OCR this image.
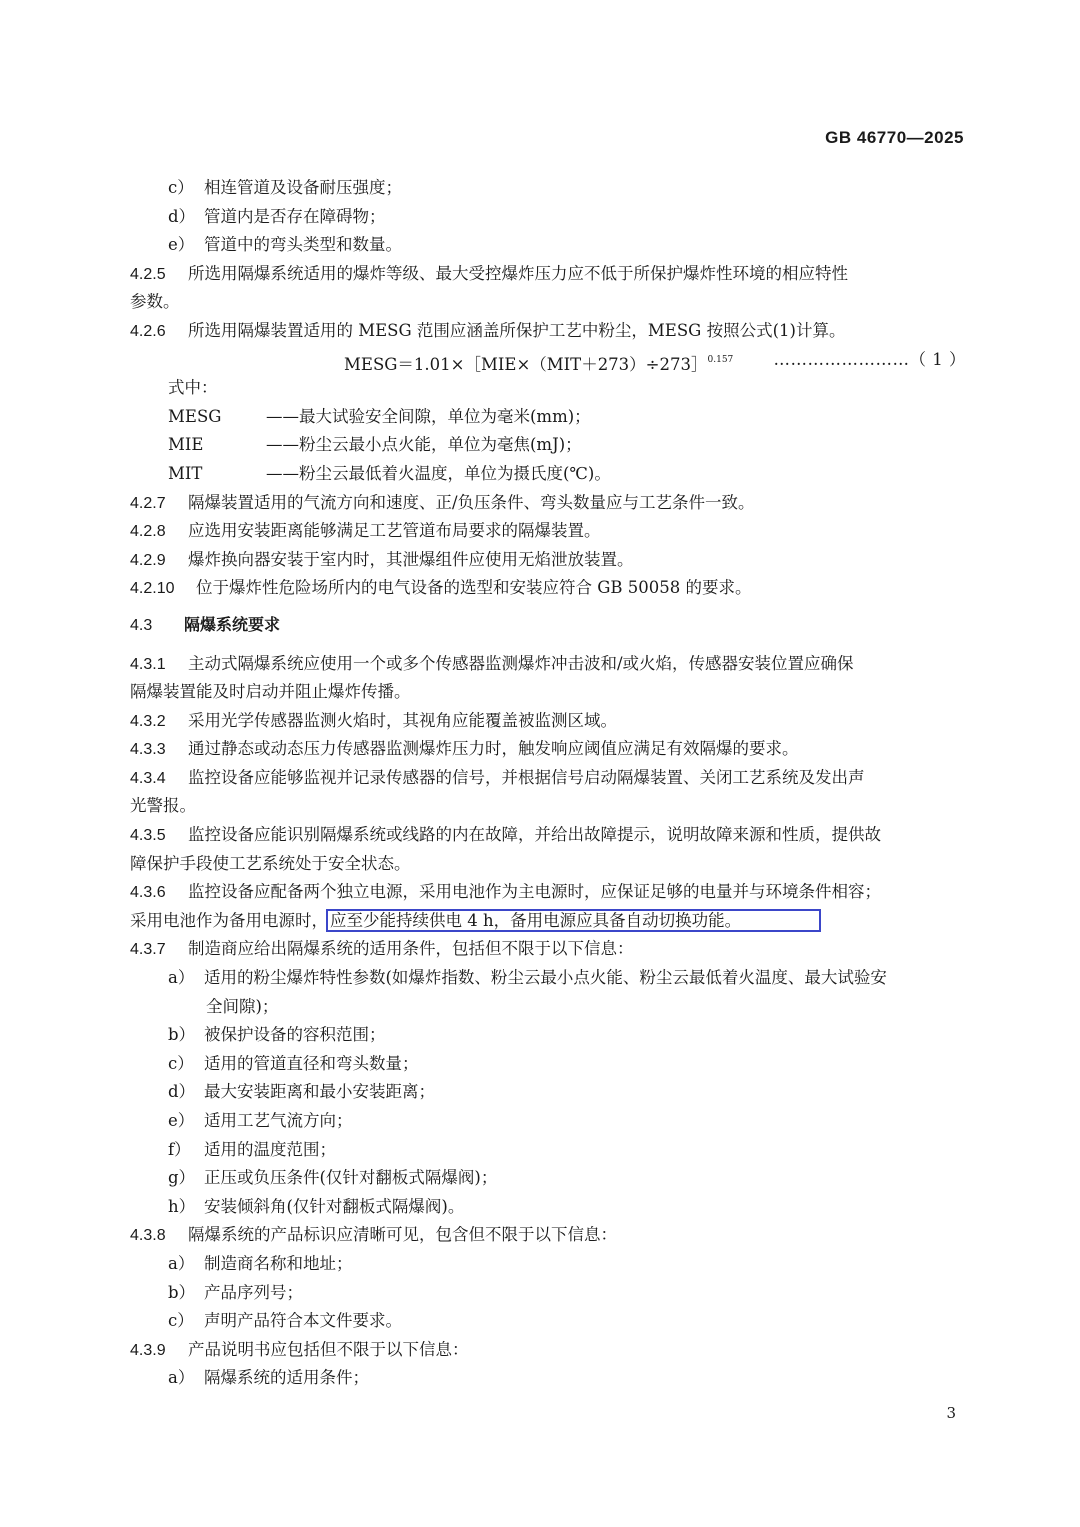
GB 46770—2025
c） 相连管道及设备耐压强度；
d） 管道内是否存在障碍物；
e） 管道中的弯头类型和数量。
4.2.5 所选用隔爆系统适用的爆炸等级、最大受控爆炸压力应不低于所保护爆炸性环境的相应特性
参数。
4.2.6 所选用隔爆装置适用的 MESG 范围应涵盖所保护工艺中粉尘，MESG 按照公式(1)计算。
MESG＝1.01×［MIE×（MIT＋273）÷273］$^{0.157}$ ……………………（ 1 ）
式中：
MESG	——最大试验安全间隙，单位为毫米(mm)；
MIE	——粉尘云最小点火能，单位为毫焦(mJ)；
MIT	——粉尘云最低着火温度，单位为摄氏度(℃)。
4.2.7 隔爆装置适用的气流方向和速度、正/负压条件、弯头数量应与工艺条件一致。
4.2.8 应选用安装距离能够满足工艺管道布局要求的隔爆装置。
4.2.9 爆炸换向器安装于室内时，其泄爆组件应使用无焰泄放装置。
4.2.10 位于爆炸性危险场所内的电气设备的选型和安装应符合 GB 50058 的要求。
4.3 隔爆系统要求
4.3.1 主动式隔爆系统应使用一个或多个传感器监测爆炸冲击波和/或火焰，传感器安装位置应确保
隔爆装置能及时启动并阻止爆炸传播。
4.3.2 采用光学传感器监测火焰时，其视角应能覆盖被监测区域。
4.3.3 通过静态或动态压力传感器监测爆炸压力时，触发响应阈值应满足有效隔爆的要求。
4.3.4 监控设备应能够监视并记录传感器的信号，并根据信号启动隔爆装置、关闭工艺系统及发出声
光警报。
4.3.5 监控设备应能识别隔爆系统或线路的内在故障，并给出故障提示，说明故障来源和性质，提供故
障保护手段使工艺系统处于安全状态。
4.3.6 监控设备应配备两个独立电源，采用电池作为主电源时，应保证足够的电量并与环境条件相容；
采用电池作为备用电源时， 应至少能持续供电 4 h，备用电源应具备自动切换功能。
4.3.7 制造商应给出隔爆系统的适用条件，包括但不限于以下信息：
a） 适用的粉尘爆炸特性参数(如爆炸指数、粉尘云最小点火能、粉尘云最低着火温度、最大试验安
全间隙)；
b） 被保护设备的容积范围；
c） 适用的管道直径和弯头数量；
d） 最大安装距离和最小安装距离；
e） 适用工艺气流方向；
f） 适用的温度范围；
g） 正压或负压条件(仅针对翻板式隔爆阀)；
h） 安装倾斜角(仅针对翻板式隔爆阀)。
4.3.8 隔爆系统的产品标识应清晰可见，包含但不限于以下信息：
a） 制造商名称和地址；
b） 产品序列号；
c） 声明产品符合本文件要求。
4.3.9 产品说明书应包括但不限于以下信息：
a） 隔爆系统的适用条件；
3
